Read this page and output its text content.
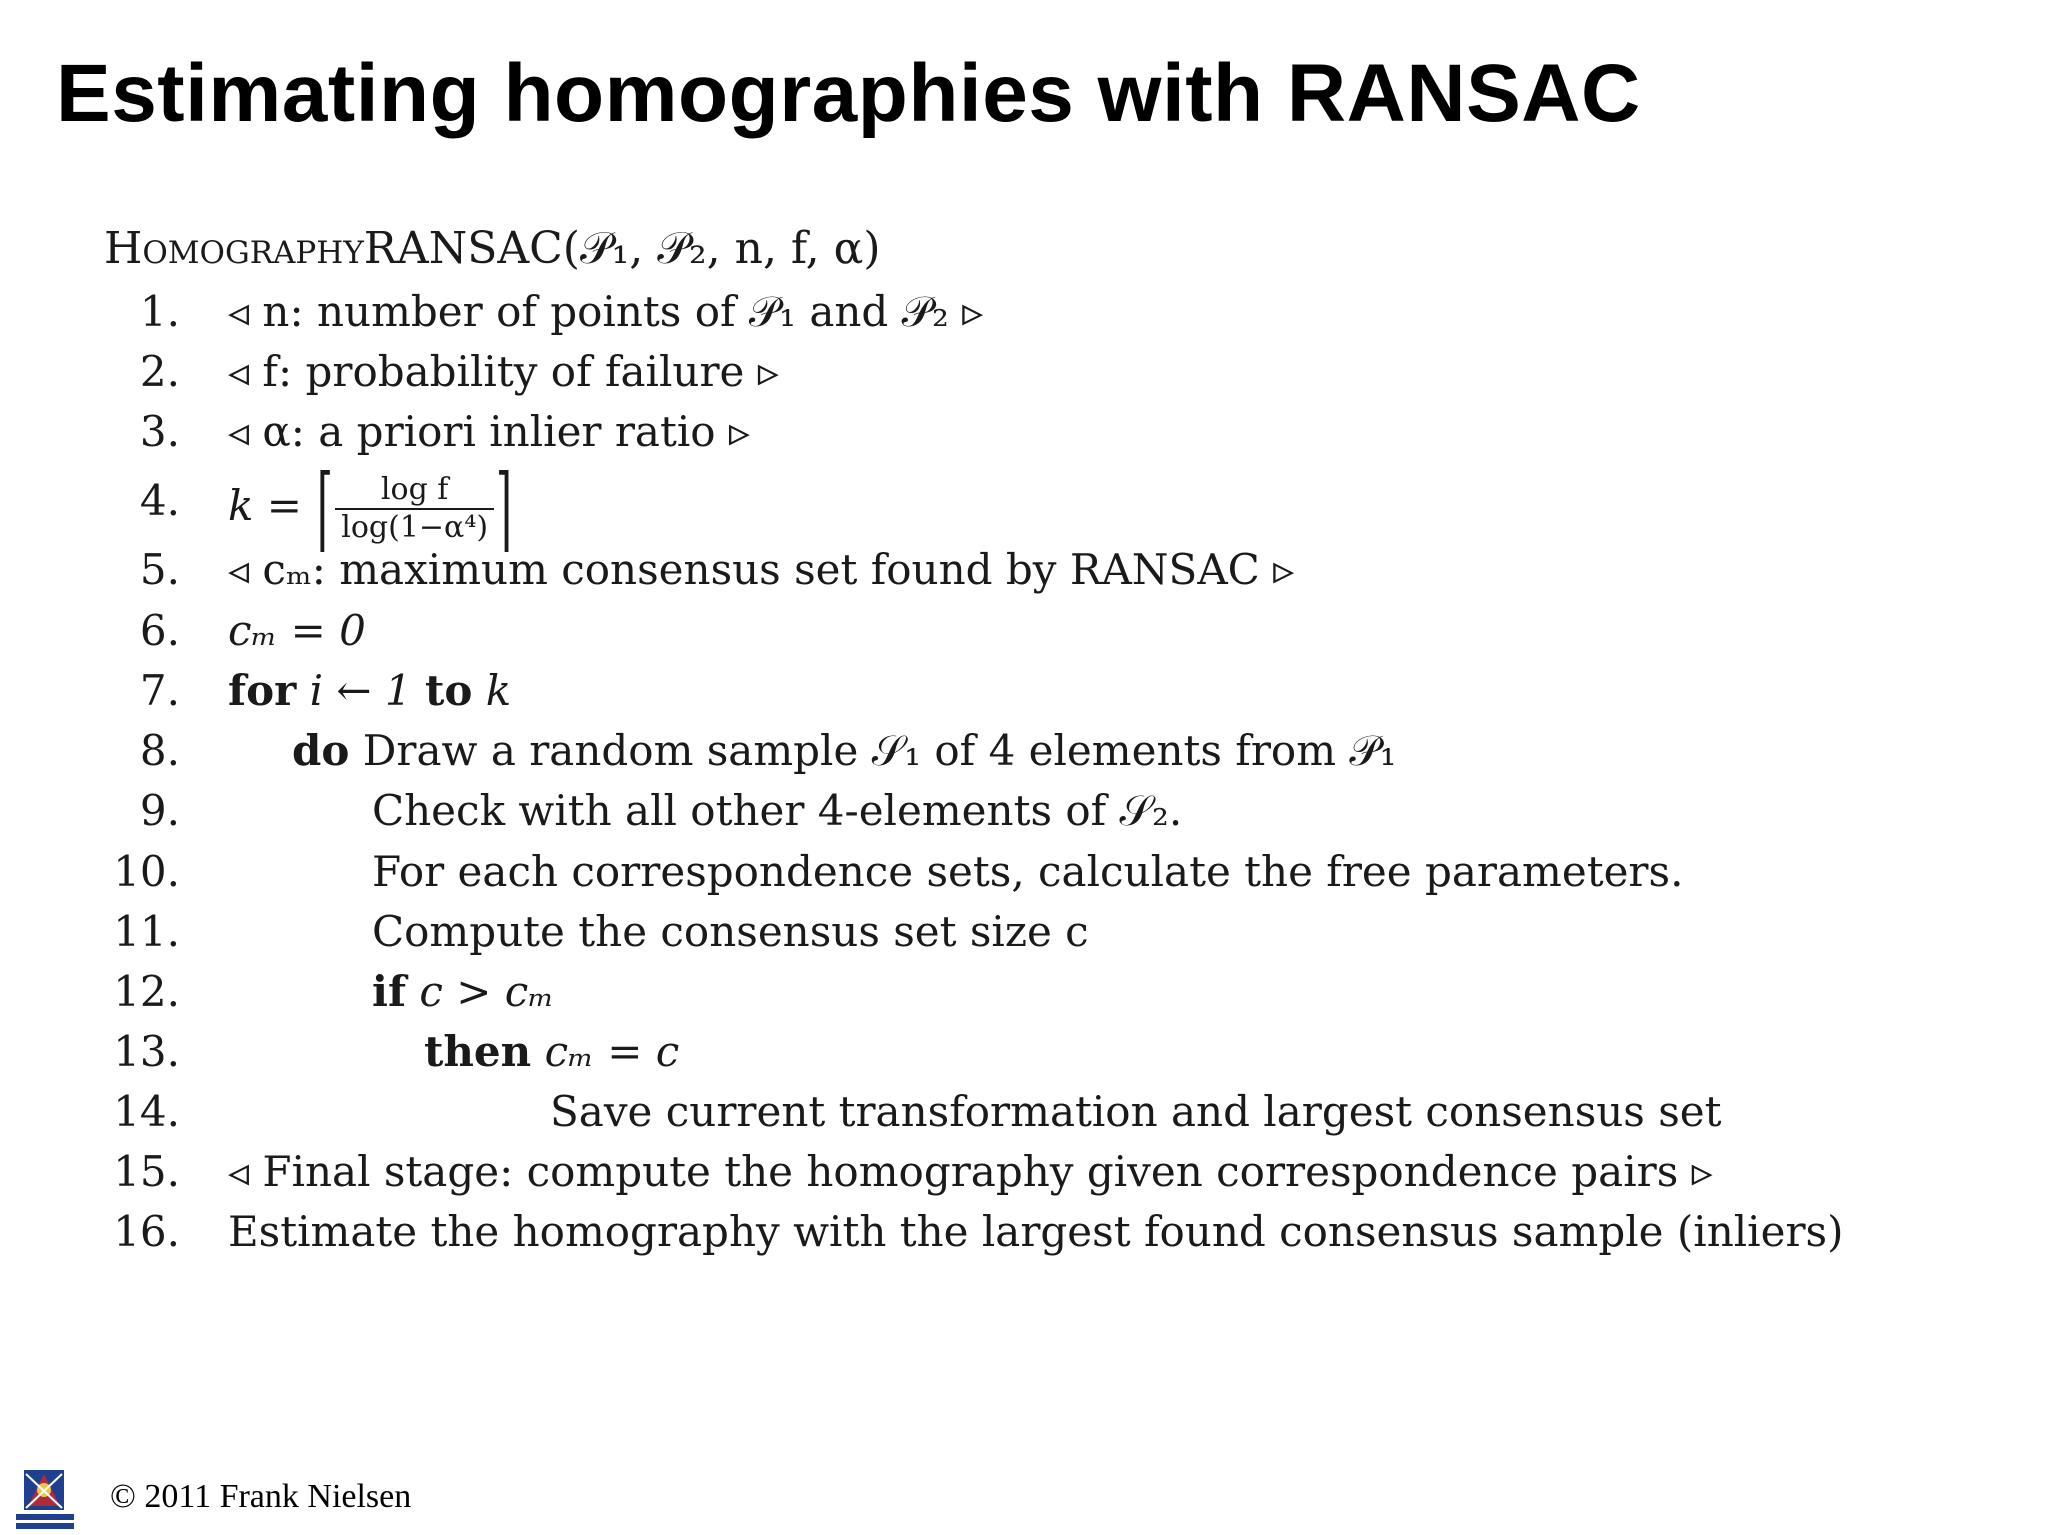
Estimating homographies with RANSAC
HomographyRANSAC(𝒫₁, 𝒫₂, n, f, α)
1. ◃ n: number of points of 𝒫₁ and 𝒫₂ ▹
2. ◃ f: probability of failure ▹
3. ◃ α: a priori inlier ratio ▹
4. k = ⌈ $\frac{\text{log f}}{\text{log(1−α⁴)}}$ ⌉
5. ◃ cₘ: maximum consensus set found by RANSAC ▹
6. cₘ = 0
7. for i ← 1 to k
8.	do Draw a random sample 𝒮₁ of 4 elements from 𝒫₁
9.	Check with all other 4-elements of 𝒮₂.
10.	For each correspondence sets, calculate the free parameters.
11.	Compute the consensus set size c
12.	if c > cₘ
13.	then cₘ = c
14.	Save current transformation and largest consensus set
15. ◃ Final stage: compute the homography given correspondence pairs ▹
16. Estimate the homography with the largest found consensus sample (inliers)
© 2011 Frank Nielsen
